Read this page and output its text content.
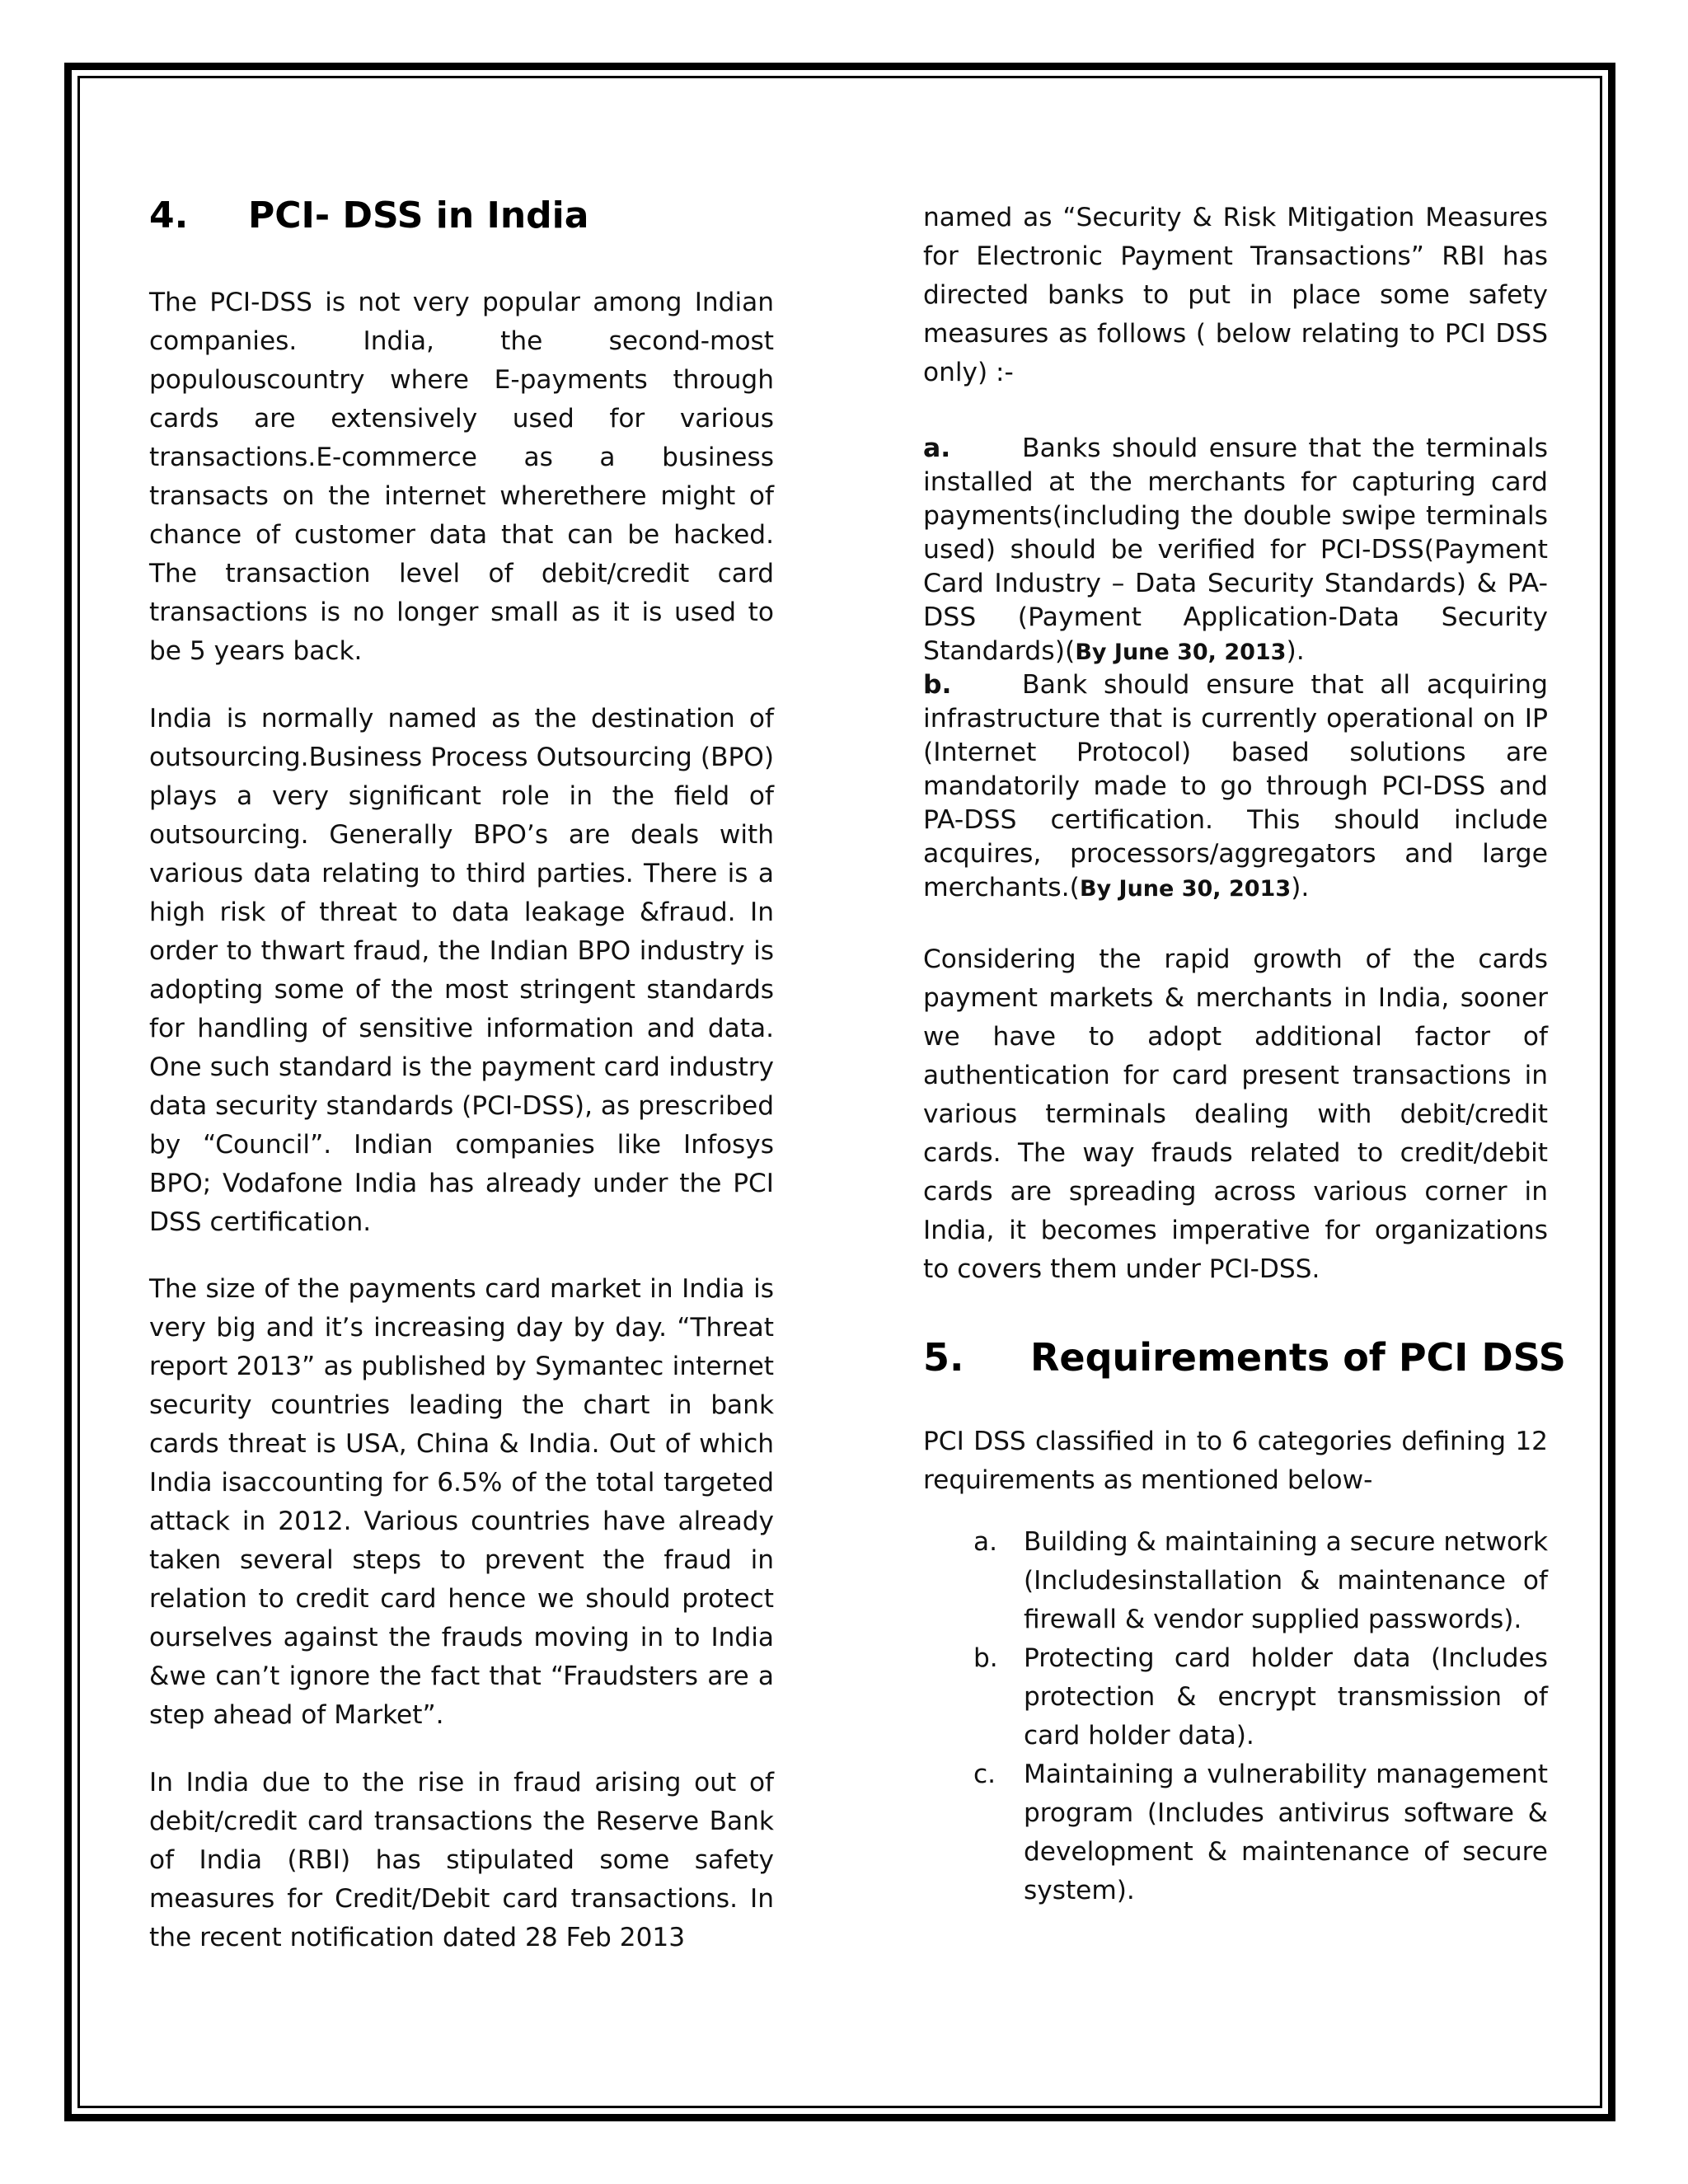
4.	PCI- DSS in India

The PCI-DSS is not very popular among Indian companies. India, the second-most populouscountry where E-payments through cards are extensively used for various transactions.E-commerce as a business transacts on the internet wherethere might of chance of customer data that can be hacked. The transaction level of debit/credit card transactions is no longer small as it is used to be 5 years back.

India is normally named as the destination of outsourcing.Business Process Outsourcing (BPO) plays a very significant role in the field of outsourcing. Generally BPO’s are deals with various data relating to third parties. There is a high risk of threat to data leakage &fraud. In order to thwart fraud, the Indian BPO industry is adopting some of the most stringent standards for handling of sensitive information and data. One such standard is the payment card industry data security standards (PCI-DSS), as prescribed by “Council”. Indian companies like Infosys BPO; Vodafone India has already under the PCI DSS certification.

The size of the payments card market in India is very big and it’s increasing day by day. “Threat report 2013” as published by Symantec internet security countries leading the chart in bank cards threat is USA, China & India. Out of which India isaccounting for 6.5% of the total targeted attack in 2012. Various countries have already taken several steps to prevent the fraud in relation to credit card hence we should protect ourselves against the frauds moving in to India &we can’t ignore the fact that “Fraudsters are a step ahead of Market”.

In India due to the rise in fraud arising out of debit/credit card transactions the Reserve Bank of India (RBI) has stipulated some safety measures for Credit/Debit card transactions. In the recent notification dated 28 Feb 2013

named as “Security & Risk Mitigation Measures for Electronic Payment Transactions” RBI has directed banks to put in place some safety measures as follows ( below relating to PCI DSS only) :-

a.	Banks should ensure that the terminals installed at the merchants for capturing card payments(including the double swipe terminals used) should be verified for PCI-DSS(Payment Card Industry – Data Security Standards) & PA-DSS (Payment Application-Data Security Standards)(By June 30, 2013).
b.	Bank should ensure that all acquiring infrastructure that is currently operational on IP (Internet Protocol) based solutions are mandatorily made to go through PCI-DSS and PA-DSS certification. This should include acquires, processors/aggregators and large merchants.(By June 30, 2013).

Considering the rapid growth of the cards payment markets & merchants in India, sooner we have to adopt additional factor of authentication for card present transactions in various terminals dealing with debit/credit cards. The way frauds related to credit/debit cards are spreading across various corner in India, it becomes imperative for organizations to covers them under PCI-DSS.

5.	Requirements of PCI DSS

PCI DSS classified in to 6 categories defining 12 requirements as mentioned below-

a. Building & maintaining a secure network (Includesinstallation & maintenance of firewall & vendor supplied passwords).
b. Protecting card holder data (Includes protection & encrypt transmission of card holder data).
c. Maintaining a vulnerability management program (Includes antivirus software & development & maintenance of secure system).
